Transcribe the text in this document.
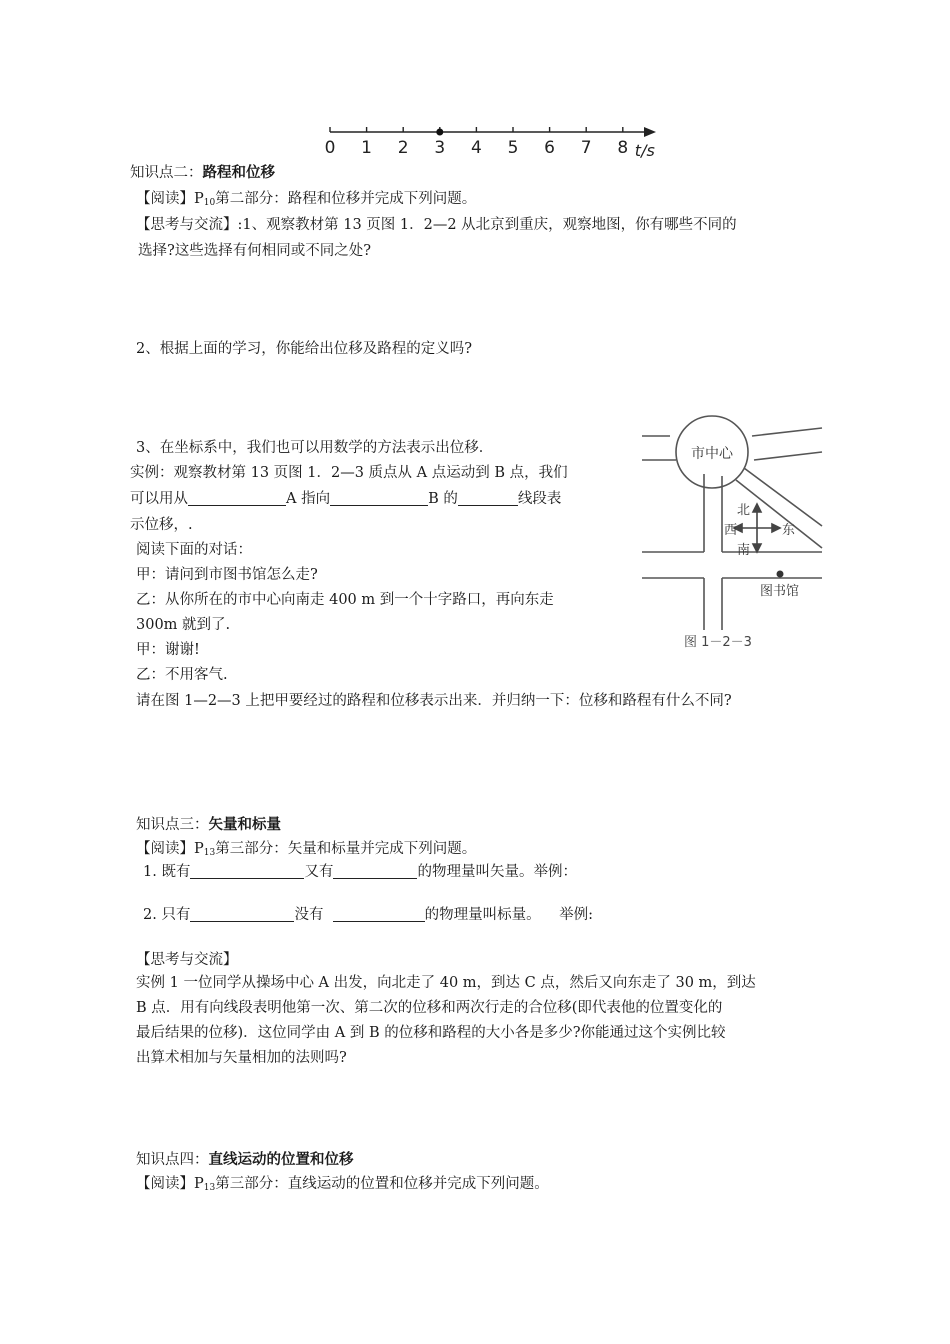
0 1 2 3 4 5 6 7 8 t/s
知识点二：路程和位移
【阅读】$P_{10}$第二部分：路程和位移并完成下列问题。
【思考与交流】:1、观察教材第 13 页图 1．2—2 从北京到重庆，观察地图，你有哪些不同的
选择?这些选择有何相同或不同之处?
2、根据上面的学习，你能给出位移及路程的定义吗?
3、在坐标系中，我们也可以用数学的方法表示出位移．
实例：观察教材第 13 页图 1．2—3 质点从 A 点运动到 B 点，我们
可以用从	A 指向	B 的	线段表
示位移，.
阅读下面的对话：
甲：请问到市图书馆怎么走?
乙：从你所在的市中心向南走 400 m 到一个十字路口，再向东走
300m 就到了.
甲：谢谢!
乙：不用客气.
请在图 1—2—3 上把甲要经过的路程和位移表示出来．并归纳一下：位移和路程有什么不同?
市中心
北
西	东
南
图书馆
图 1－2－3
知识点三：矢量和标量
【阅读】$P_{13}$第三部分：矢量和标量并完成下列问题。
1. 既有	又有	的物理量叫矢量。举例：
2. 只有	没有	的物理量叫标量。 举例:
【思考与交流】
实例 1 一位同学从操场中心 A 出发，向北走了 40 m，到达 C 点，然后又向东走了 30 m，到达
B 点．用有向线段表明他第一次、第二次的位移和两次行走的合位移(即代表他的位置变化的
最后结果的位移)．这位同学由 A 到 B 的位移和路程的大小各是多少?你能通过这个实例比较
出算术相加与矢量相加的法则吗?
知识点四：直线运动的位置和位移
【阅读】$P_{13}$第三部分：直线运动的位置和位移并完成下列问题。
